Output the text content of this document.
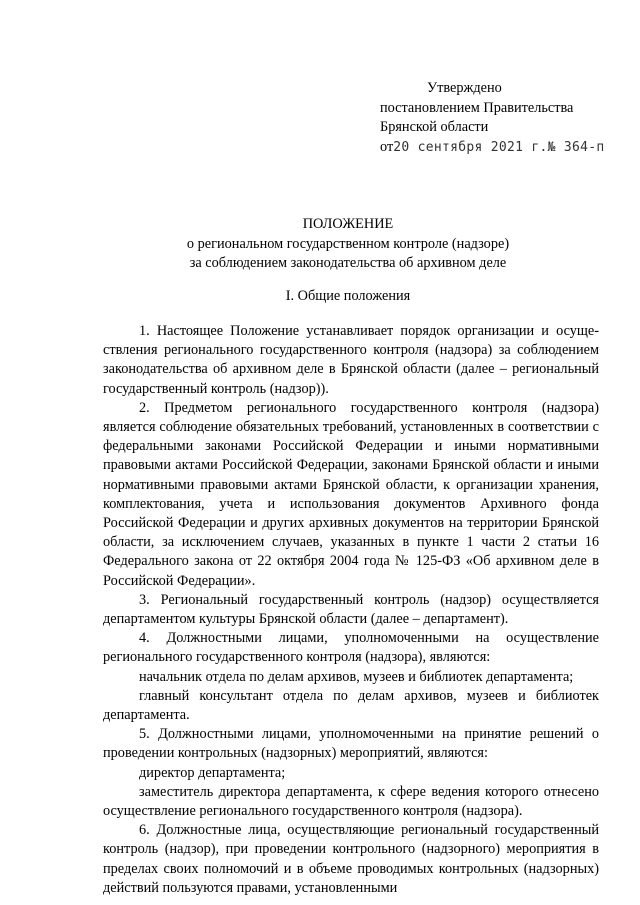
Утверждено
постановлением Правительства
Брянской области
от20 сентября 2021 г.№ 364-п
ПОЛОЖЕНИЕ
о региональном государственном контроле (надзоре)
за соблюдением законодательства об архивном деле
I. Общие положения

1. Настоящее Положение устанавливает порядок организации и осуществления регионального государственного контроля (надзора) за соблюдением законодательства об архивном деле в Брянской области (далее – региональный государственный контроль (надзор)).

2. Предметом регионального государственного контроля (надзора) является соблюдение обязательных требований, установленных в соответствии с федеральными законами Российской Федерации и иными нормативными правовыми актами Российской Федерации, законами Брянской области и иными нормативными правовыми актами Брянской области, к организации хранения, комплектования, учета и использования документов Архивного фонда Российской Федерации и других архивных документов на территории Брянской области, за исключением случаев, указанных в пункте 1 части 2 статьи 16 Федерального закона от 22 октября 2004 года № 125-ФЗ «Об архивном деле в Российской Федерации».

3. Региональный государственный контроль (надзор) осуществляется департаментом культуры Брянской области (далее – департамент).

4. Должностными лицами, уполномоченными на осуществление регионального государственного контроля (надзора), являются:

начальник отдела по делам архивов, музеев и библиотек департамента;

главный консультант отдела по делам архивов, музеев и библиотек департамента.

5. Должностными лицами, уполномоченными на принятие решений о проведении контрольных (надзорных) мероприятий, являются:

директор департамента;

заместитель директора департамента, к сфере ведения которого отнесено осуществление регионального государственного контроля (надзора).

6. Должностные лица, осуществляющие региональный государственный контроль (надзор), при проведении контрольного (надзорного) мероприятия в пределах своих полномочий и в объеме проводимых контрольных (надзорных) действий пользуются правами, установленными
